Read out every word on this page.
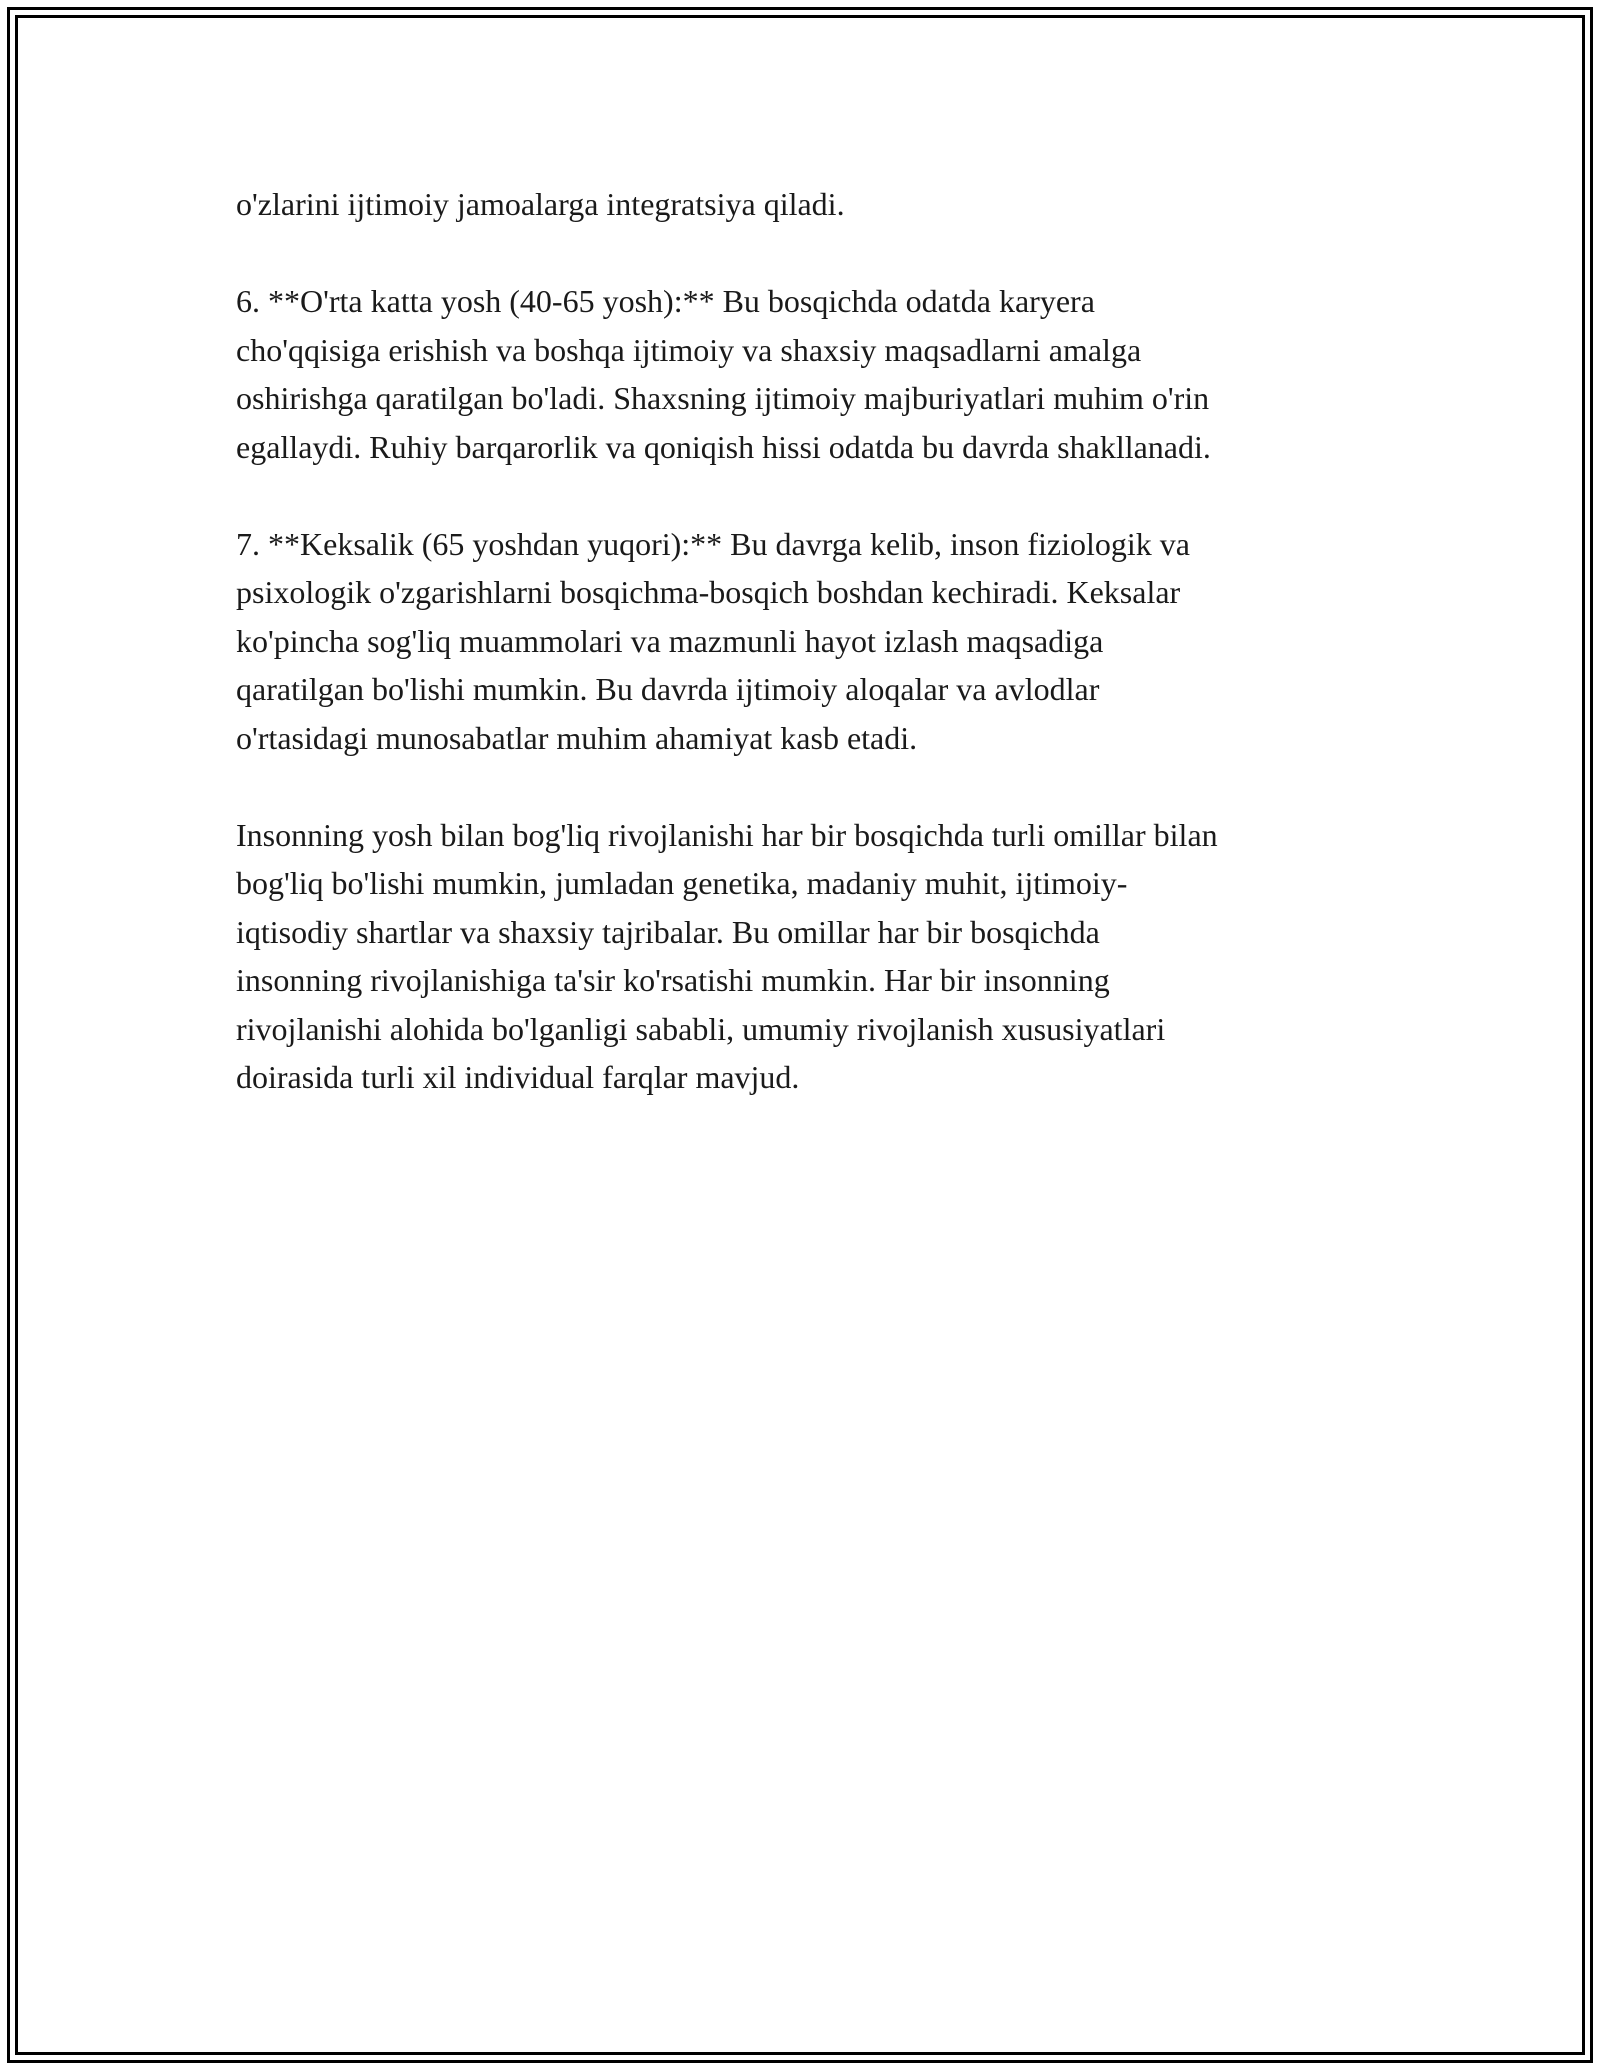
o'zlarini ijtimoiy jamoalarga integratsiya qiladi.

6. **O'rta katta yosh (40-65 yosh):** Bu bosqichda odatda karyera
cho'qqisiga erishish va boshqa ijtimoiy va shaxsiy maqsadlarni amalga
oshirishga qaratilgan bo'ladi. Shaxsning ijtimoiy majburiyatlari muhim o'rin
egallaydi. Ruhiy barqarorlik va qoniqish hissi odatda bu davrda shakllanadi.

7. **Keksalik (65 yoshdan yuqori):** Bu davrga kelib, inson fiziologik va
psixologik o'zgarishlarni bosqichma-bosqich boshdan kechiradi. Keksalar
ko'pincha sog'liq muammolari va mazmunli hayot izlash maqsadiga
qaratilgan bo'lishi mumkin. Bu davrda ijtimoiy aloqalar va avlodlar
o'rtasidagi munosabatlar muhim ahamiyat kasb etadi.

Insonning yosh bilan bog'liq rivojlanishi har bir bosqichda turli omillar bilan
bog'liq bo'lishi mumkin, jumladan genetika, madaniy muhit, ijtimoiy-
iqtisodiy shartlar va shaxsiy tajribalar. Bu omillar har bir bosqichda
insonning rivojlanishiga ta'sir ko'rsatishi mumkin. Har bir insonning
rivojlanishi alohida bo'lganligi sababli, umumiy rivojlanish xususiyatlari
doirasida turli xil individual farqlar mavjud.
